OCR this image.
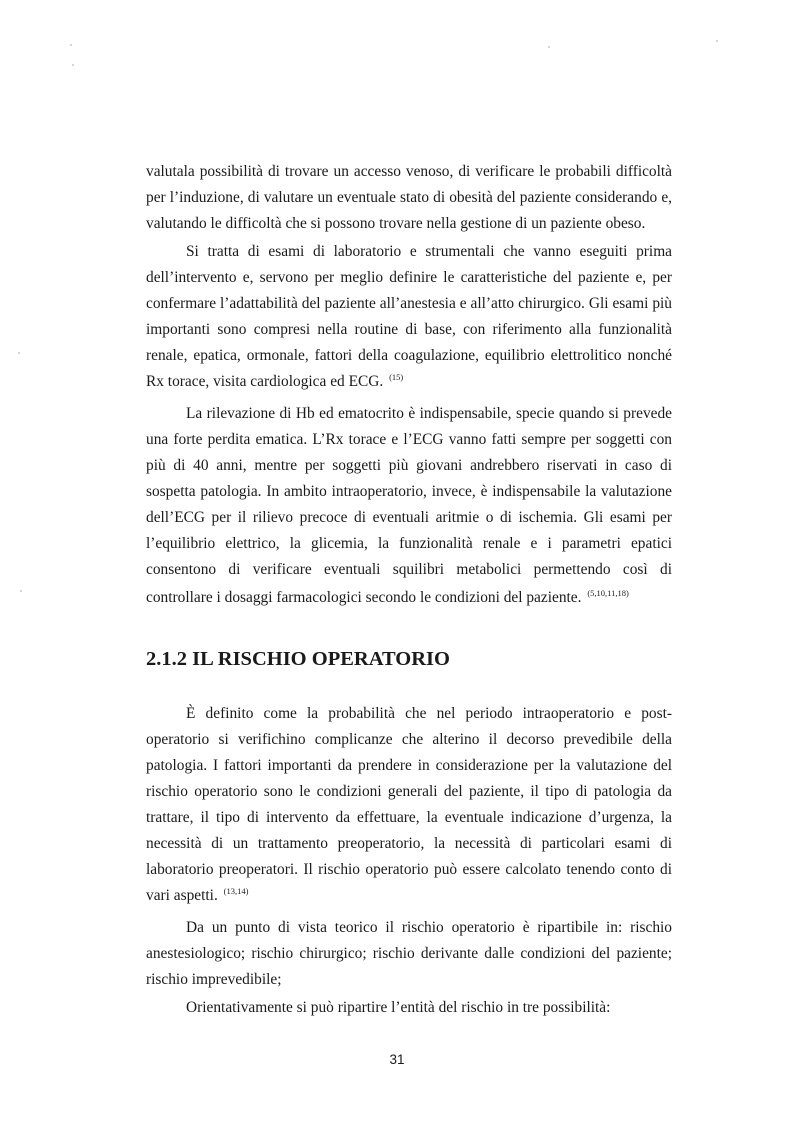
valutala possibilità di trovare un accesso venoso, di verificare le probabili difficoltà
per l’induzione, di valutare un eventuale stato di obesità del paziente considerando e,
valutando le difficoltà che si possono trovare nella gestione di un paziente obeso.
Si tratta di esami di laboratorio e strumentali che vanno eseguiti prima
dell’intervento e, servono per meglio definire le caratteristiche del paziente e, per
confermare l’adattabilità del paziente all’anestesia e all’atto chirurgico. Gli esami più
importanti sono compresi nella routine di base, con riferimento alla funzionalità
renale, epatica, ormonale, fattori della coagulazione, equilibrio elettrolitico nonché
Rx torace, visita cardiologica ed ECG. $^{(15)}$
La rilevazione di Hb ed ematocrito è indispensabile, specie quando si prevede
una forte perdita ematica. L’Rx torace e l’ECG vanno fatti sempre per soggetti con
più di 40 anni, mentre per soggetti più giovani andrebbero riservati in caso di
sospetta patologia. In ambito intraoperatorio, invece, è indispensabile la valutazione
dell’ECG per il rilievo precoce di eventuali aritmie o di ischemia. Gli esami per
l’equilibrio elettrico, la glicemia, la funzionalità renale e i parametri epatici
consentono di verificare eventuali squilibri metabolici permettendo così di
controllare i dosaggi farmacologici secondo le condizioni del paziente. $^{(5,10,11,18)}$
2.1.2 IL RISCHIO OPERATORIO
È definito come la probabilità che nel periodo intraoperatorio e post-
operatorio si verifichino complicanze che alterino il decorso prevedibile della
patologia. I fattori importanti da prendere in considerazione per la valutazione del
rischio operatorio sono le condizioni generali del paziente, il tipo di patologia da
trattare, il tipo di intervento da effettuare, la eventuale indicazione d’urgenza, la
necessità di un trattamento preoperatorio, la necessità di particolari esami di
laboratorio preoperatori. Il rischio operatorio può essere calcolato tenendo conto di
vari aspetti. $^{(13,14)}$
Da un punto di vista teorico il rischio operatorio è ripartibile in: rischio
anestesiologico; rischio chirurgico; rischio derivante dalle condizioni del paziente;
rischio imprevedibile;
Orientativamente si può ripartire l’entità del rischio in tre possibilità:
31
